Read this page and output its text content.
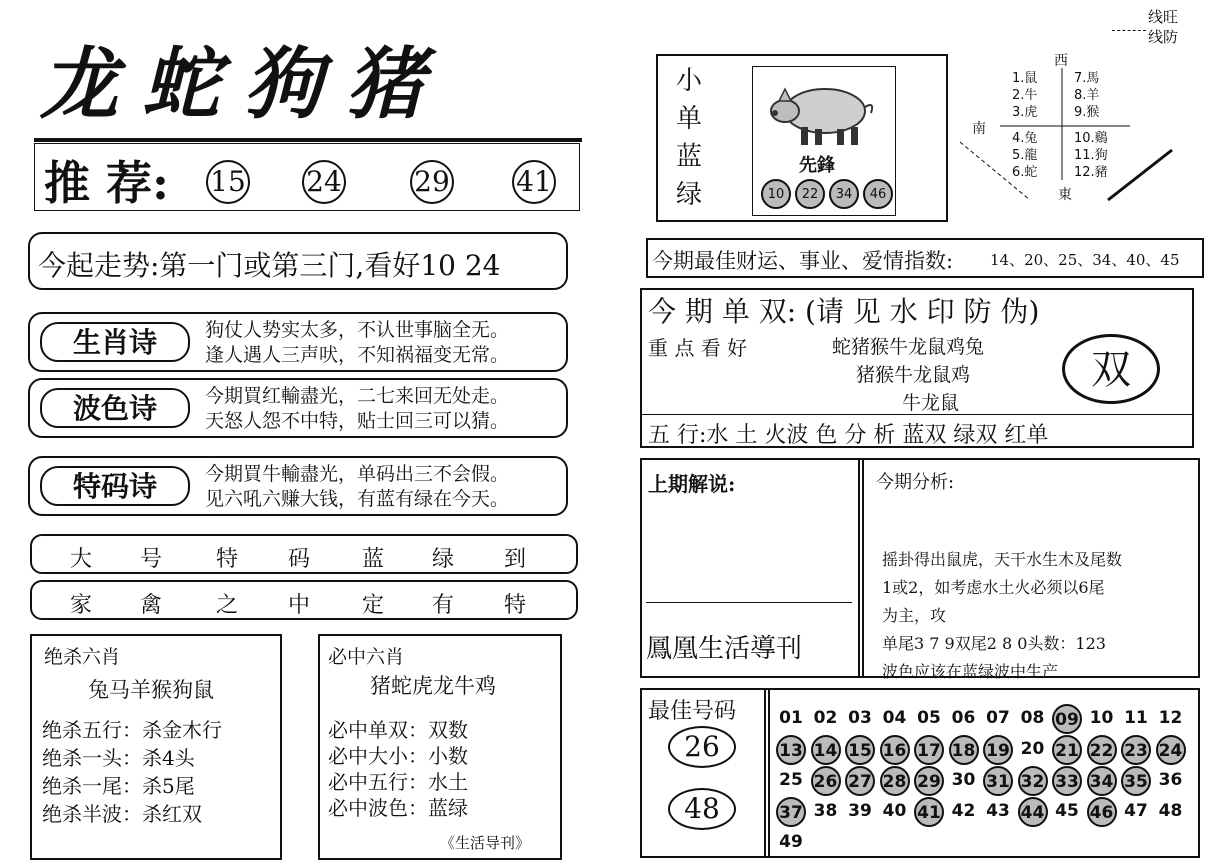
龙蛇狗猪
推 荐: 15 24	29 41
今起走势:第一门或第三门,看好10 24
生肖诗	狗仗人势实太多，不认世事脑全无。
逢人遇人三声吠，不知祸福变无常。
波色诗	今期買红輸盡光，二七来回无处走。
天怒人怨不中特，贴士回三可以猜。
特码诗	今期買牛輸盡光，单码出三不会假。
见六吼六赚大钱，有蓝有绿在今天。
大 号 特 码 蓝 绿 到
家 禽 之 中 定 有 特
绝杀六肖
兔马羊猴狗鼠
绝杀五行：杀金木行
绝杀一头：杀4头
绝杀一尾：杀5尾
绝杀半波：杀红双
必中六肖
猪蛇虎龙牛鸡
必中单双：双数
必中大小：小数
必中五行：水土
必中波色：蓝绿
《生活导刊》
线旺
线防
小
单
蓝
绿
先鋒
10	22	34	46
西
南
東
1.鼠
2.牛
3.虎
4.兔
5.龍
6.蛇
7.馬
8.羊
9.猴
10.鷄
11.狗
12.豬
今期最佳财运、事业、爱情指数: 14、20、25、34、40、45
今 期 单 双: (请 见 水 印 防 伪)
重 点 看 好	蛇猪猴牛龙鼠鸡兔
猪猴牛龙鼠鸡
牛龙鼠
双
五 行:水 土 火波 色 分 析 蓝双 绿双 红单
上期解说:
鳳凰生活導刊
今期分析:
摇卦得出鼠虎，天干水生木及尾数
1或2，如考虑水土火必须以6尾
为主，攻
单尾3 7 9双尾2 8 0头数：123
波色应该在蓝绿波中生产
最佳号码
26
48
01 02 03 04 05 06 07 08 09 10 11 12
13 14 15 16 17 18 19 20 21 22 23 24
25 26 27 28 29 30 31 32 33 34 35 36
37 38 39 40 41 42 43 44 45 46 47 48
49
